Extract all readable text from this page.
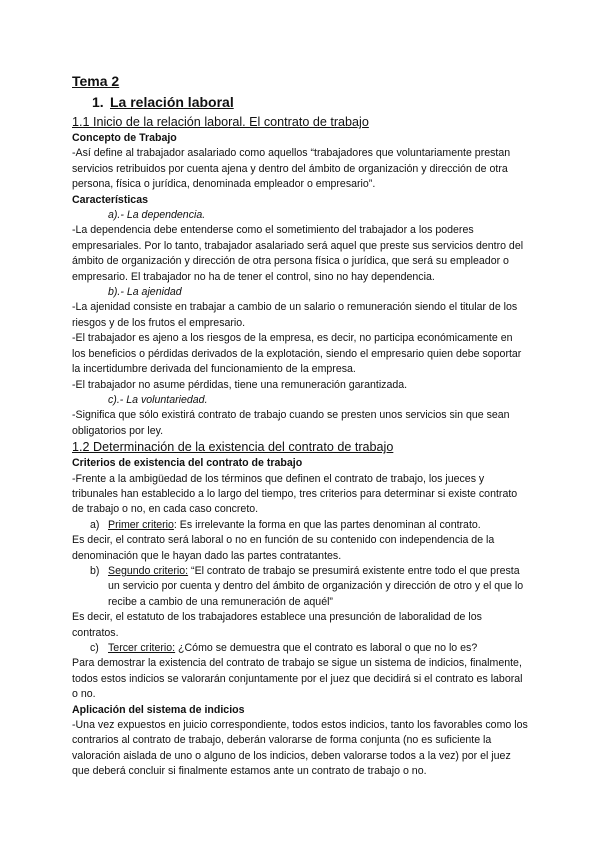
Tema 2
1. La relación laboral
1.1 Inicio de la relación laboral. El contrato de trabajo
Concepto de Trabajo

-Así define al trabajador asalariado como aquellos “trabajadores que voluntariamente prestan servicios retribuidos por cuenta ajena y dentro del ámbito de organización y dirección de otra persona, física o jurídica, denominada empleador o empresario”.

Características

a).- La dependencia.

-La dependencia debe entenderse como el sometimiento del trabajador a los poderes empresariales. Por lo tanto, trabajador asalariado será aquel que preste sus servicios dentro del ámbito de organización y dirección de otra persona física o jurídica, que será su empleador o empresario. El trabajador no ha de tener el control, sino no hay dependencia.

b).- La ajenidad

-La ajenidad consiste en trabajar a cambio de un salario o remuneración siendo el titular de los riesgos y de los frutos el empresario.

-El trabajador es ajeno a los riesgos de la empresa, es decir, no participa económicamente en los beneficios o pérdidas derivados de la explotación, siendo el empresario quien debe soportar la incertidumbre derivada del funcionamiento de la empresa.

-El trabajador no asume pérdidas, tiene una remuneración garantizada.

c).- La voluntariedad.

-Significa que sólo existirá contrato de trabajo cuando se presten unos servicios sin que sean obligatorios por ley.

1.2 Determinación de la existencia del contrato de trabajo
Criterios de existencia del contrato de trabajo

-Frente a la ambigüedad de los términos que definen el contrato de trabajo, los jueces y tribunales han establecido a lo largo del tiempo, tres criterios para determinar si existe contrato de trabajo o no, en cada caso concreto.

a) Primer criterio: Es irrelevante la forma en que las partes denominan al contrato.

Es decir, el contrato será laboral o no en función de su contenido con independencia de la denominación que le hayan dado las partes contratantes.

b) Segundo criterio: “El contrato de trabajo se presumirá existente entre todo el que presta un servicio por cuenta y dentro del ámbito de organización y dirección de otro y el que lo recibe a cambio de una remuneración de aquél”

Es decir, el estatuto de los trabajadores establece una presunción de laboralidad de los contratos.

c) Tercer criterio: ¿Cómo se demuestra que el contrato es laboral o que no lo es?

Para demostrar la existencia del contrato de trabajo se sigue un sistema de indicios, finalmente, todos estos indicios se valorarán conjuntamente por el juez que decidirá si el contrato es laboral o no.

Aplicación del sistema de indicios

-Una vez expuestos en juicio correspondiente, todos estos indicios, tanto los favorables como los contrarios al contrato de trabajo, deberán valorarse de forma conjunta (no es suficiente la valoración aislada de uno o alguno de los indicios, deben valorarse todos a la vez) por el juez que deberá concluir si finalmente estamos ante un contrato de trabajo o no.
